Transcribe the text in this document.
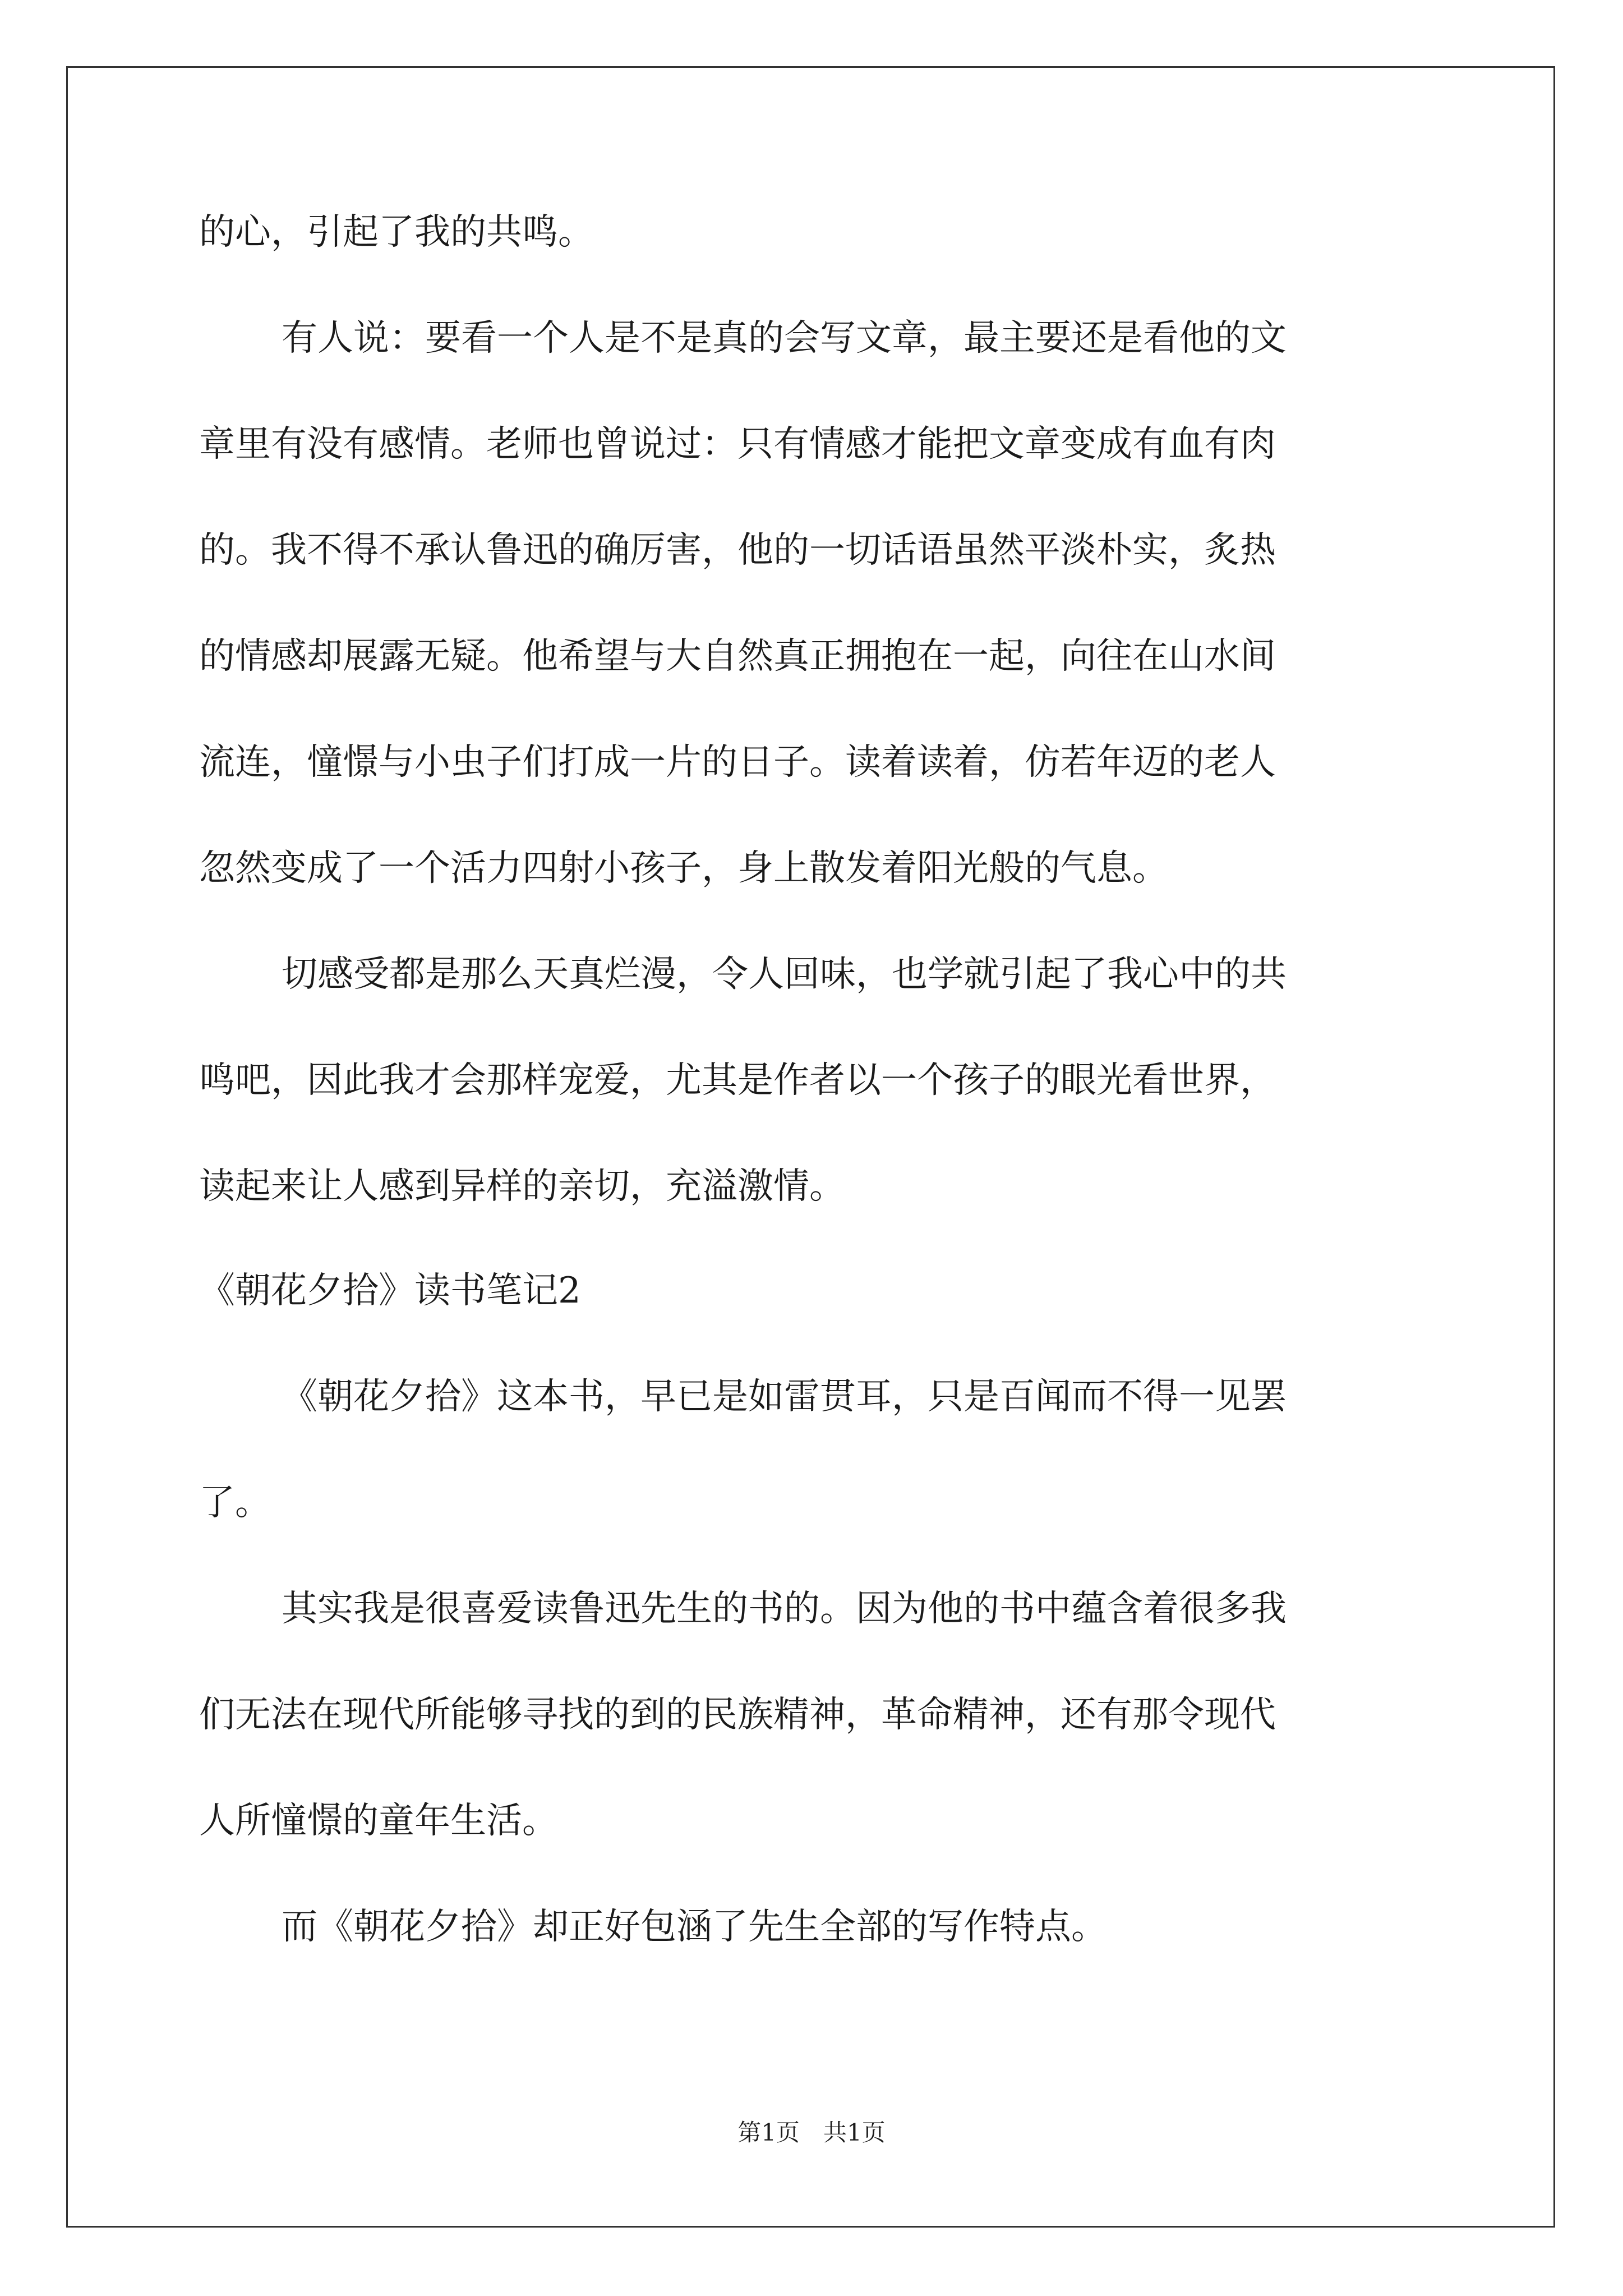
的心，引起了我的共鸣。
有人说：要看一个人是不是真的会写文章，最主要还是看他的文
章里有没有感情。老师也曾说过：只有情感才能把文章变成有血有肉
的。我不得不承认鲁迅的确厉害，他的一切话语虽然平淡朴实，炙热
的情感却展露无疑。他希望与大自然真正拥抱在一起，向往在山水间
流连，憧憬与小虫子们打成一片的日子。读着读着，仿若年迈的老人
忽然变成了一个活力四射小孩子，身上散发着阳光般的气息。
切感受都是那么天真烂漫，令人回味，也学就引起了我心中的共
鸣吧，因此我才会那样宠爱，尤其是作者以一个孩子的眼光看世界，
读起来让人感到异样的亲切，充溢激情。
《朝花夕拾》读书笔记2
《朝花夕拾》这本书，早已是如雷贯耳，只是百闻而不得一见罢
了。
其实我是很喜爱读鲁迅先生的书的。因为他的书中蕴含着很多我
们无法在现代所能够寻找的到的民族精神，革命精神，还有那令现代
人所憧憬的童年生活。
而《朝花夕拾》却正好包涵了先生全部的写作特点。
第1页　共1页
